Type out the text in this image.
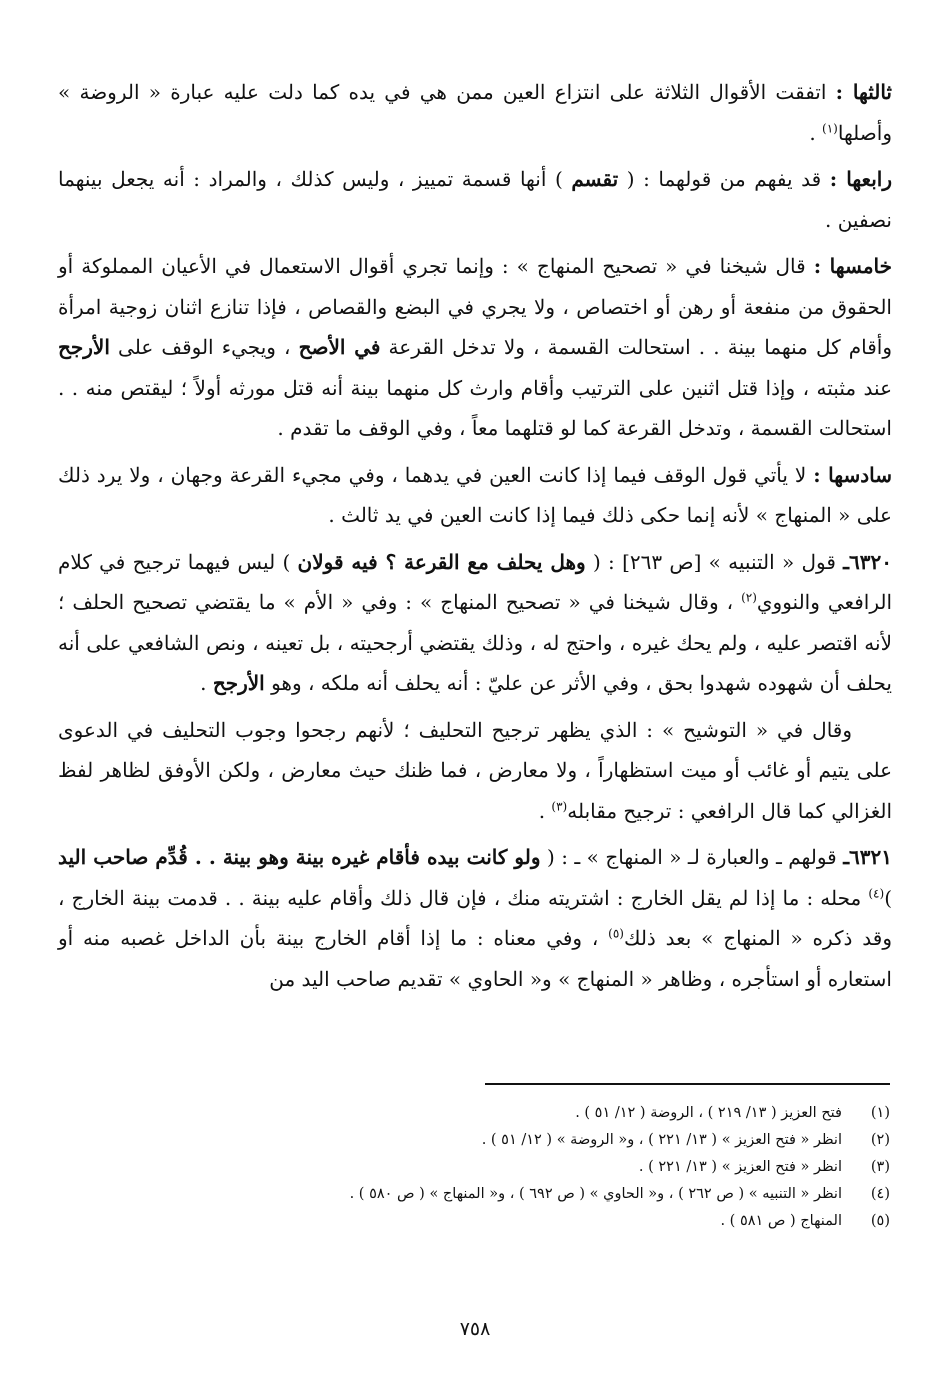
ثالثها : اتفقت الأقوال الثلاثة على انتزاع العين ممن هي في يده كما دلت عليه عبارة « الروضة » وأصلها$^{(١)}$ .

رابعها : قد يفهم من قولهما : ( تقسم ) أنها قسمة تمييز ، وليس كذلك ، والمراد : أنه يجعل بينهما نصفين .

خامسها : قال شيخنا في « تصحيح المنهاج » : وإنما تجري أقوال الاستعمال في الأعيان المملوكة أو الحقوق من منفعة أو رهن أو اختصاص ، ولا يجري في البضع والقصاص ، فإذا تنازع اثنان زوجية امرأة وأقام كل منهما بينة . . استحالت القسمة ، ولا تدخل القرعة في الأصح ، ويجيء الوقف على الأرجح عند مثبته ، وإذا قتل اثنين على الترتيب وأقام وارث كل منهما بينة أنه قتل مورثه أولاً ؛ ليقتص منه . . استحالت القسمة ، وتدخل القرعة كما لو قتلهما معاً ، وفي الوقف ما تقدم .

سادسها : لا يأتي قول الوقف فيما إذا كانت العين في يدهما ، وفي مجيء القرعة وجهان ، ولا يرد ذلك على « المنهاج » لأنه إنما حكى ذلك فيما إذا كانت العين في يد ثالث .

٦٣٢٠ـ قول « التنبيه » [ص ٢٦٣] : ( وهل يحلف مع القرعة ؟ فيه قولان ) ليس فيهما ترجيح في كلام الرافعي والنووي$^{(٢)}$ ، وقال شيخنا في « تصحيح المنهاج » : وفي « الأم » ما يقتضي تصحيح الحلف ؛ لأنه اقتصر عليه ، ولم يحك غيره ، واحتج له ، وذلك يقتضي أرجحيته ، بل تعينه ، ونص الشافعي على أنه يحلف أن شهوده شهدوا بحق ، وفي الأثر عن عليّ : أنه يحلف أنه ملكه ، وهو الأرجح .

وقال في « التوشيح » : الذي يظهر ترجيح التحليف ؛ لأنهم رجحوا وجوب التحليف في الدعوى على يتيم أو غائب أو ميت استظهاراً ، ولا معارض ، فما ظنك حيث معارض ، ولكن الأوفق لظاهر لفظ الغزالي كما قال الرافعي : ترجيح مقابله$^{(٣)}$ .

٦٣٢١ـ قولهم ـ والعبارة لـ « المنهاج » ـ : ( ولو كانت بيده فأقام غيره بينة وهو بينة . . قُدِّم صاحب اليد )$^{(٤)}$ محله : ما إذا لم يقل الخارج : اشتريته منك ، فإن قال ذلك وأقام عليه بينة . . قدمت بينة الخارج ، وقد ذكره « المنهاج » بعد ذلك$^{(٥)}$ ، وفي معناه : ما إذا أقام الخارج بينة بأن الداخل غصبه منه أو استعاره أو استأجره ، وظاهر « المنهاج » و« الحاوي » تقديم صاحب اليد من

(١)
فتح العزيز ( ١٣/ ٢١٩ ) ، الروضة ( ١٢/ ٥١ ) .
(٢)
انظر « فتح العزيز » ( ١٣/ ٢٢١ ) ، و« الروضة » ( ١٢/ ٥١ ) .
(٣)
انظر « فتح العزيز » ( ١٣/ ٢٢١ ) .
(٤)
انظر « التنبيه » ( ص ٢٦٢ ) ، و« الحاوي » ( ص ٦٩٢ ) ، و« المنهاج » ( ص ٥٨٠ ) .
(٥)
المنهاج ( ص ٥٨١ ) .
٧٥٨
